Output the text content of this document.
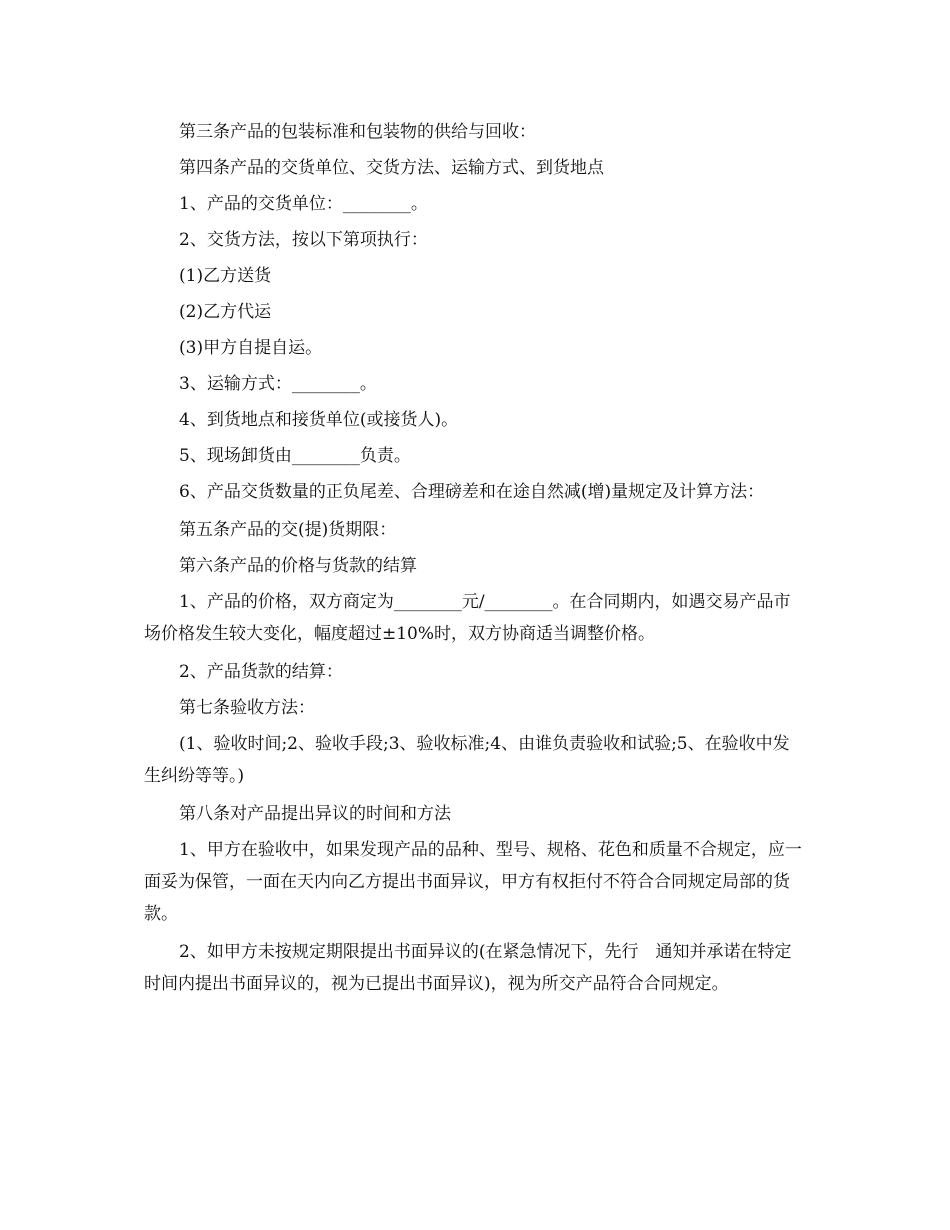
第三条产品的包装标准和包装物的供给与回收：

第四条产品的交货单位、交货方法、运输方式、到货地点

1、产品的交货单位：________。

2、交货方法，按以下第项执行：

(1)乙方送货

(2)乙方代运

(3)甲方自提自运。

3、运输方式：________。

4、到货地点和接货单位(或接货人)。

5、现场卸货由________负责。

6、产品交货数量的正负尾差、合理磅差和在途自然减(增)量规定及计算方法：

第五条产品的交(提)货期限：

第六条产品的价格与货款的结算

1、产品的价格，双方商定为________元/________。在合同期内，如遇交易产品市场价格发生较大变化，幅度超过±10%时，双方协商适当调整价格。

2、产品货款的结算：

第七条验收方法：

(1、验收时间;2、验收手段;3、验收标准;4、由谁负责验收和试验;5、在验收中发生纠纷等等。)

第八条对产品提出异议的时间和方法

1、甲方在验收中，如果发现产品的品种、型号、规格、花色和质量不合规定，应一面妥为保管，一面在天内向乙方提出书面异议，甲方有权拒付不符合合同规定局部的货款。

2、如甲方未按规定期限提出书面异议的(在紧急情况下，先行　通知并承诺在特定时间内提出书面异议的，视为已提出书面异议)，视为所交产品符合合同规定。
